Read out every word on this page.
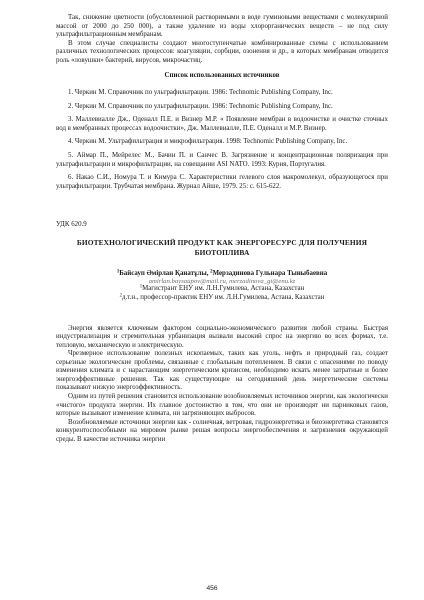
Так, снижение цветности (обусловленной растворимыми в воде гуминовыми веществами с молекулярной массой от 2000 до 250 000), а также удаление из воды хлорорганических веществ – не под силу ультрафильтрационным мембранам.

В этом случае специалисты создают многоступенчатые комбинированные схемы с использованием различных технологических процессов: коагуляции, сорбции, озонения и др., в которых мембранам отводится роль «ловушки» бактерий, вирусов, микрочастиц.

Список использованных источников

1. Черкин М. Справочник по ультрафильтрации. 1986: Technomic Publishing Company, Inc.

2. Черкин М. Справочник по ультрафильтрации. 1986: Technomic Publishing Company, Inc.

3. Маллевиалле Дж., Оденалл П.Е. и Визнер М.Р. « Появление мембран в водоочистке и очистке сточных вод в мембранных процессах водоочистки», Дж. Маллевиалле, П.Е. Оденалл и М.Р. Визнер.

4. Черкин М. Ультрафильтрация и микрофильтрация. 1998: Technomic Publishing Company, Inc.

5. Аймар П., Мейрелес М., Бачин П. и Санчес В. Загрязнение и концентрационная поляризация при ультрафильтрации и микрофильтрации, на совещании ASI NATO. 1993: Курия, Португалия.

6. Накао С.И., Номура Т. и Кимура С. Характеристики гелевого слоя макромолекул, образующегося при ультрафильтрации. Трубчатая мембрана. Журнал Айше, 1979. 25: с. 615-622.

УДК 620.9
БИОТЕХНОЛОГИЧЕСКИЙ ПРОДУКТ КАК ЭНЕРГОРЕСУРС ДЛЯ ПОЛУЧЕНИЯ БИОТОПЛИВА
$^1$Байсауп Әмірлан Қанатұлы, $^2$Мерзадинова Гульнара Тыныбаевна
amirlan.baysaupov@mail.ru, merzadinova_gt@enu.kz
$^1$Магистрант ЕНУ им. Л.Н.Гумилева, Астана, Казахстан
$^2$д.т.н., профессор-практик ЕНУ им. Л.Н.Гумилева, Астана, Казахстан

Энергия является ключевым фактором социально-экономического развития любой страны. Быстрая индустриализация и стремительная урбанизация вызвали высокий спрос на энергию во всех формах, т.е. тепловую, механическую и электрическую.

Чрезмерное использование полезных ископаемых, таких как уголь, нефть и природный газ, создает серьезные экологические проблемы, связанные с глобальным потеплением. В связи с опасениями по поводу изменения климата и с нарастающим энергетическим кризисом, необходимо искать менее затратные и более энергоэффективные решения. Так как существующие на сегодняшний день энергетические системы показывают низкую энергоэффективность.

Одним из путей решения становится использование возобновляемых источников энергии, как экологически «чистого» продукта энергии. Их главное достоинство в том, что они не производят ни парниковых газов, которые вызывают изменение климата, ни загрязняющих выбросов.

Возобновляемые источники энергии как - солнечная, ветровая, гидроэнергетика и биоэнергетика становятся конкурентоспособными на мировом рынке решая вопросы энергообеспечения и загрязнения окружающей среды. В качестве источника энергии

456
